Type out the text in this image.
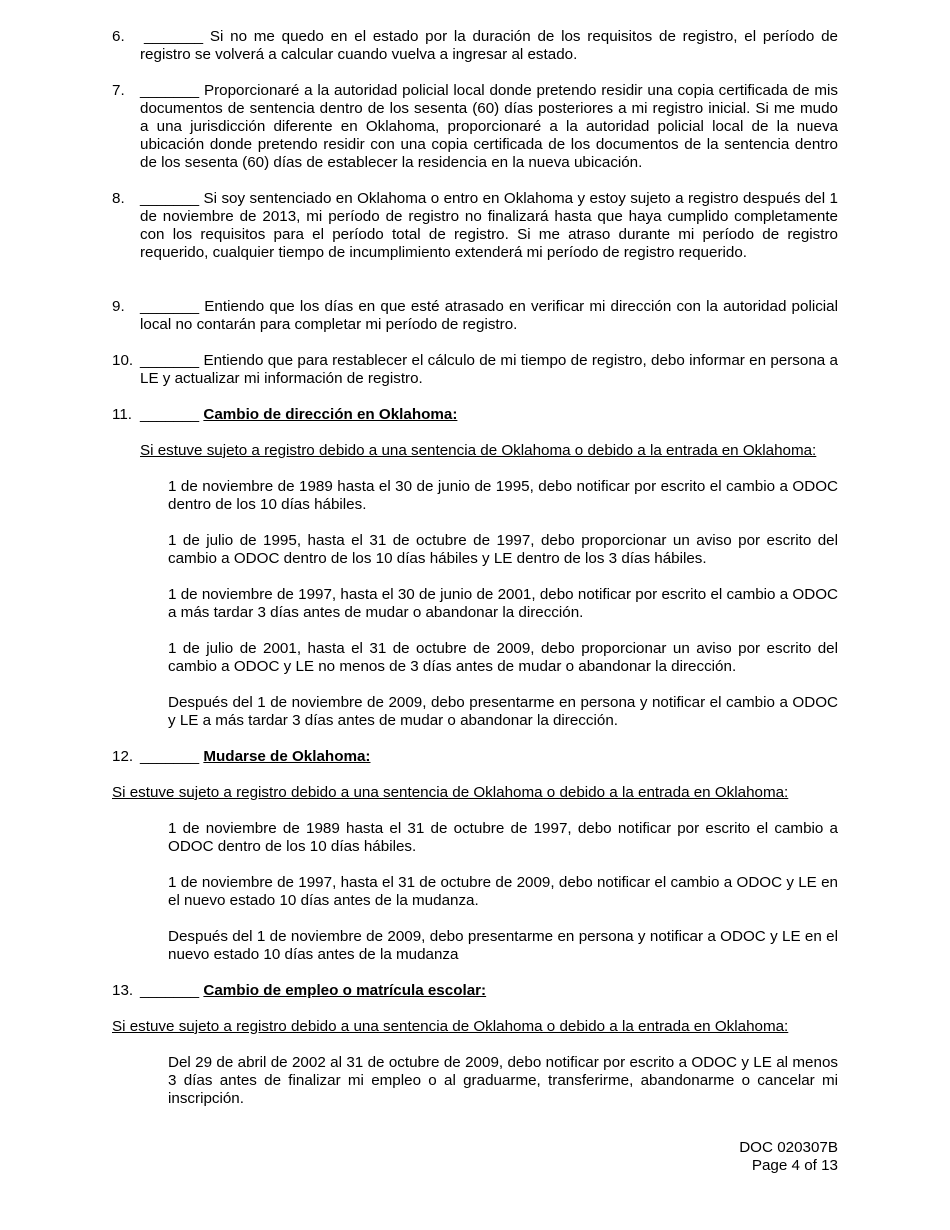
6. _______ Si no me quedo en el estado por la duración de los requisitos de registro, el período de registro se volverá a calcular cuando vuelva a ingresar al estado.
7. _______ Proporcionaré a la autoridad policial local donde pretendo residir una copia certificada de mis documentos de sentencia dentro de los sesenta (60) días posteriores a mi registro inicial. Si me mudo a una jurisdicción diferente en Oklahoma, proporcionaré a la autoridad policial local de la nueva ubicación donde pretendo residir con una copia certificada de los documentos de la sentencia dentro de los sesenta (60) días de establecer la residencia en la nueva ubicación.
8. _______ Si soy sentenciado en Oklahoma o entro en Oklahoma y estoy sujeto a registro después del 1 de noviembre de 2013, mi período de registro no finalizará hasta que haya cumplido completamente con los requisitos para el período total de registro. Si me atraso durante mi período de registro requerido, cualquier tiempo de incumplimiento extenderá mi período de registro requerido.
9. _______ Entiendo que los días en que esté atrasado en verificar mi dirección con la autoridad policial local no contarán para completar mi período de registro.
10. _______ Entiendo que para restablecer el cálculo de mi tiempo de registro, debo informar en persona a LE y actualizar mi información de registro.
11. _______ Cambio de dirección en Oklahoma:
Si estuve sujeto a registro debido a una sentencia de Oklahoma o debido a la entrada en Oklahoma:
1 de noviembre de 1989 hasta el 30 de junio de 1995, debo notificar por escrito el cambio a ODOC dentro de los 10 días hábiles.
1 de julio de 1995, hasta el 31 de octubre de 1997, debo proporcionar un aviso por escrito del cambio a ODOC dentro de los 10 días hábiles y LE dentro de los 3 días hábiles.
1 de noviembre de 1997, hasta el 30 de junio de 2001, debo notificar por escrito el cambio a ODOC a más tardar 3 días antes de mudar o abandonar la dirección.
1 de julio de 2001, hasta el 31 de octubre de 2009, debo proporcionar un aviso por escrito del cambio a ODOC y LE no menos de 3 días antes de mudar o abandonar la dirección.
Después del 1 de noviembre de 2009, debo presentarme en persona y notificar el cambio a ODOC y LE a más tardar 3 días antes de mudar o abandonar la dirección.
12. _______ Mudarse de Oklahoma:
Si estuve sujeto a registro debido a una sentencia de Oklahoma o debido a la entrada en Oklahoma:
1 de noviembre de 1989 hasta el 31 de octubre de 1997, debo notificar por escrito el cambio a ODOC dentro de los 10 días hábiles.
1 de noviembre de 1997, hasta el 31 de octubre de 2009, debo notificar el cambio a ODOC y LE en el nuevo estado 10 días antes de la mudanza.
Después del 1 de noviembre de 2009, debo presentarme en persona y notificar a ODOC y LE en el nuevo estado 10 días antes de la mudanza
13. _______ Cambio de empleo o matrícula escolar:
Si estuve sujeto a registro debido a una sentencia de Oklahoma o debido a la entrada en Oklahoma:
Del 29 de abril de 2002 al 31 de octubre de 2009, debo notificar por escrito a ODOC y LE al menos 3 días antes de finalizar mi empleo o al graduarme, transferirme, abandonarme o cancelar mi inscripción.
DOC 020307B
Page 4 of 13
